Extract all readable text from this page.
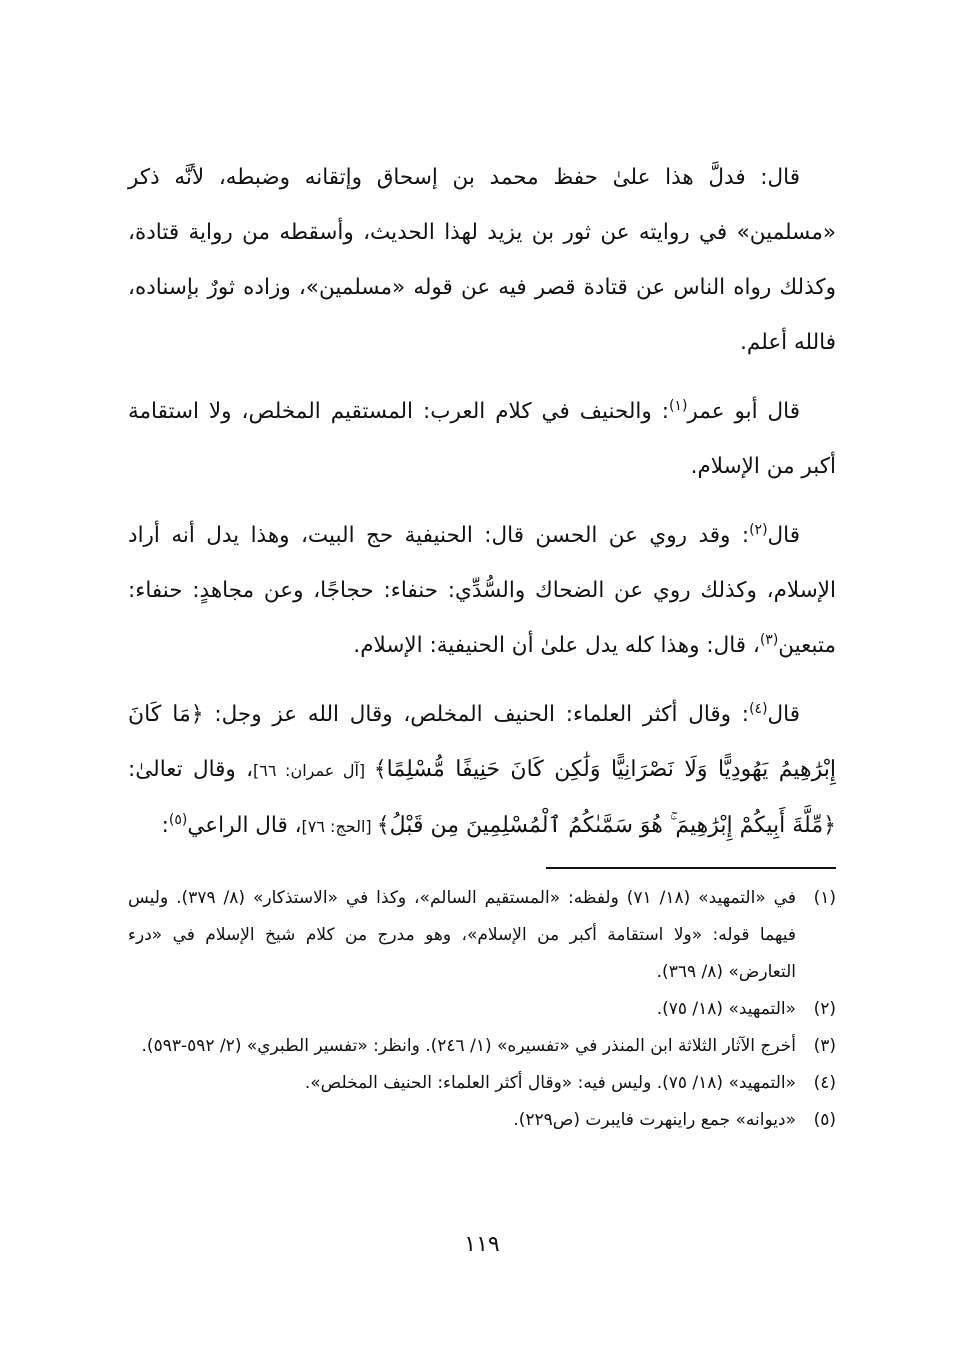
قال: فدلَّ هذا علىٰ حفظ محمد بن إسحاق وإتقانه وضبطه، لأنَّه ذكر «مسلمين» في روايته عن ثور بن يزيد لهذا الحديث، وأسقطه من رواية قتادة، وكذلك رواه الناس عن قتادة قصر فيه عن قوله «مسلمين»، وزاده ثورٌ بإسناده، فالله أعلم.

قال أبو عمر$^{(١)}$: والحنيف في كلام العرب: المستقيم المخلص، ولا استقامة أكبر من الإسلام.

قال$^{(٢)}$: وقد روي عن الحسن قال: الحنيفية حج البيت، وهذا يدل أنه أراد الإسلام، وكذلك روي عن الضحاك والسُّدِّي: حنفاء: حجاجًا، وعن مجاهدٍ: حنفاء: متبعين$^{(٣)}$، قال: وهذا كله يدل علىٰ أن الحنيفية: الإسلام.

قال$^{(٤)}$: وقال أكثر العلماء: الحنيف المخلص، وقال الله عز وجل: ﴿مَا كَانَ إِبْرَٰهِيمُ يَهُودِيًّا وَلَا نَصْرَانِيًّا وَلَٰكِن كَانَ حَنِيفًا مُّسْلِمًا﴾ [آل عمران: ٦٦]، وقال تعالىٰ: ﴿مِّلَّةَ أَبِيكُمْ إِبْرَٰهِيمَ ۚ هُوَ سَمَّىٰكُمُ ٱلْمُسْلِمِينَ مِن قَبْلُ﴾ [الحج: ٧٦]، قال الراعي$^{(٥)}$:

(١)
في «التمهيد» (١٨/ ٧١) ولفظه: «المستقيم السالم»، وكذا في «الاستذكار» (٨/ ٣٧٩). وليس فيهما قوله: «ولا استقامة أكبر من الإسلام»، وهو مدرج من كلام شيخ الإسلام في «درء التعارض» (٨/ ٣٦٩).
(٢)
«التمهيد» (١٨/ ٧٥).
(٣)
أخرج الآثار الثلاثة ابن المنذر في «تفسيره» (١/ ٢٤٦). وانظر: «تفسير الطبري» (٢/ ٥٩٢-٥٩٣).
(٤)
«التمهيد» (١٨/ ٧٥). وليس فيه: «وقال أكثر العلماء: الحنيف المخلص».
(٥)
«ديوانه» جمع راينهرت فايبرت (ص٢٢٩).
١١٩
